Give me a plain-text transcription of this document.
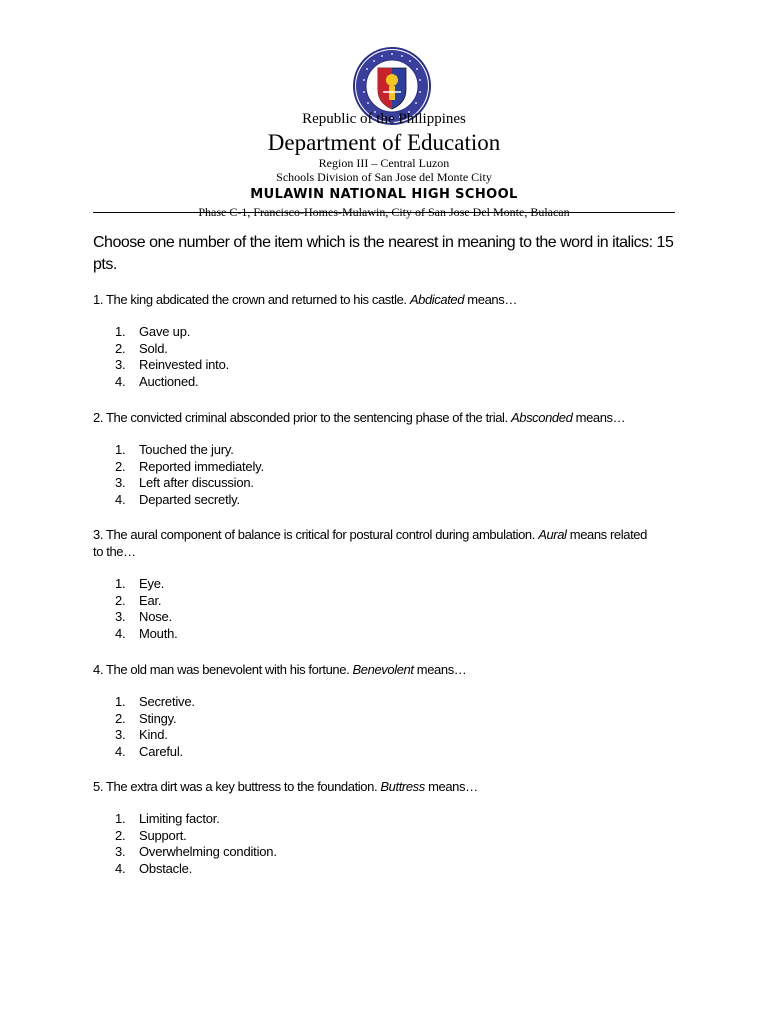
Republic of the Philippines
Department of Education
Region III – Central Luzon
Schools Division of San Jose del Monte City
MULAWIN NATIONAL HIGH SCHOOL
Phase C-1, Francisco-Homes-Mulawin, City of San Jose Del Monte, Bulacan
Choose one number of the item which is the nearest in meaning to the word in italics: 15 pts.
1. The king abdicated the crown and returned to his castle. Abdicated means…
1.	Gave up.
2.	Sold.
3.	Reinvested into.
4.	Auctioned.
2. The convicted criminal absconded prior to the sentencing phase of the trial. Absconded means…
1.	Touched the jury.
2.	Reported immediately.
3.	Left after discussion.
4.	Departed secretly.
3. The aural component of balance is critical for postural control during ambulation. Aural means related to the…
1.	Eye.
2.	Ear.
3.	Nose.
4.	Mouth.
4. The old man was benevolent with his fortune. Benevolent means…
1.	Secretive.
2.	Stingy.
3.	Kind.
4.	Careful.
5. The extra dirt was a key buttress to the foundation. Buttress means…
1.	Limiting factor.
2.	Support.
3.	Overwhelming condition.
4.	Obstacle.
